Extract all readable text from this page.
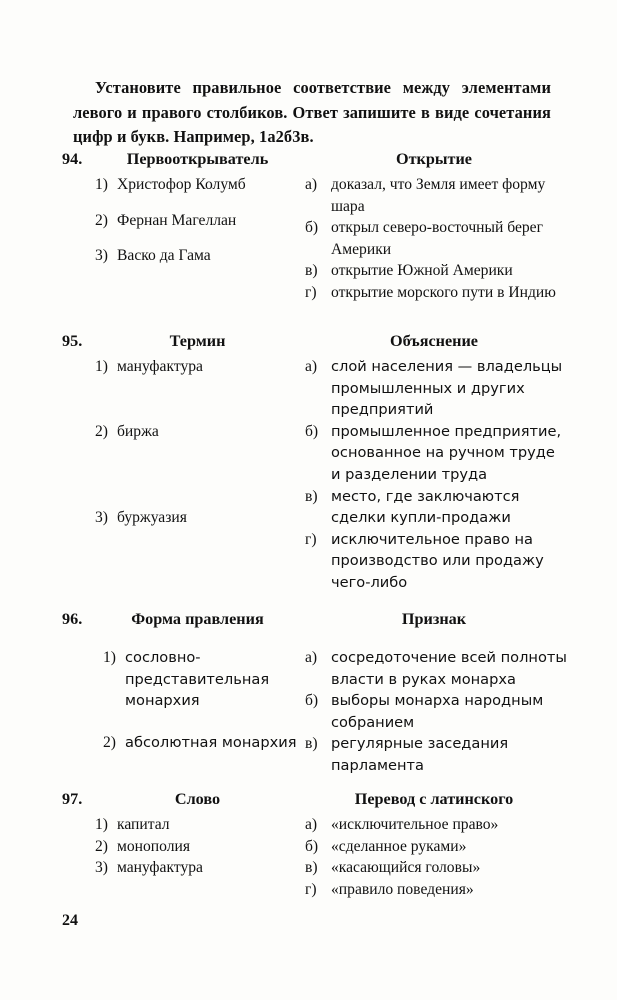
Установите правильное соответствие между элементами левого и правого столбиков. Ответ запишите в виде сочетания цифр и букв. Например, 1а2б3в.

94.	Первооткрыватель	Открытие
1) Христофор Колумб
2) Фернан Магеллан
3) Васко да Гама
а) доказал, что Земля имеет форму шара
б) открыл северо-восточный берег Америки
в) открытие Южной Америки
г) открытие морского пути в Индию
95.	Термин	Объяснение
1) мануфактура
2) биржа
3) буржуазия
а) слой населения — владельцы промышленных и других предприятий
б) промышленное предприятие, основанное на ручном труде и разделении труда
в) место, где заключаются сделки купли-продажи
г) исключительное право на производство или продажу чего-либо
96.	Форма правления	Признак
1) сословно-представительная монархия
2) абсолютная монархия
а) сосредоточение всей полноты власти в руках монарха
б) выборы монарха народным собранием
в) регулярные заседания парламента
97.	Слово	Перевод с латинского
1) капитал
2) монополия
3) мануфактура
а) «исключительное право»
б) «сделанное руками»
в) «касающийся головы»
г) «правило поведения»
24
